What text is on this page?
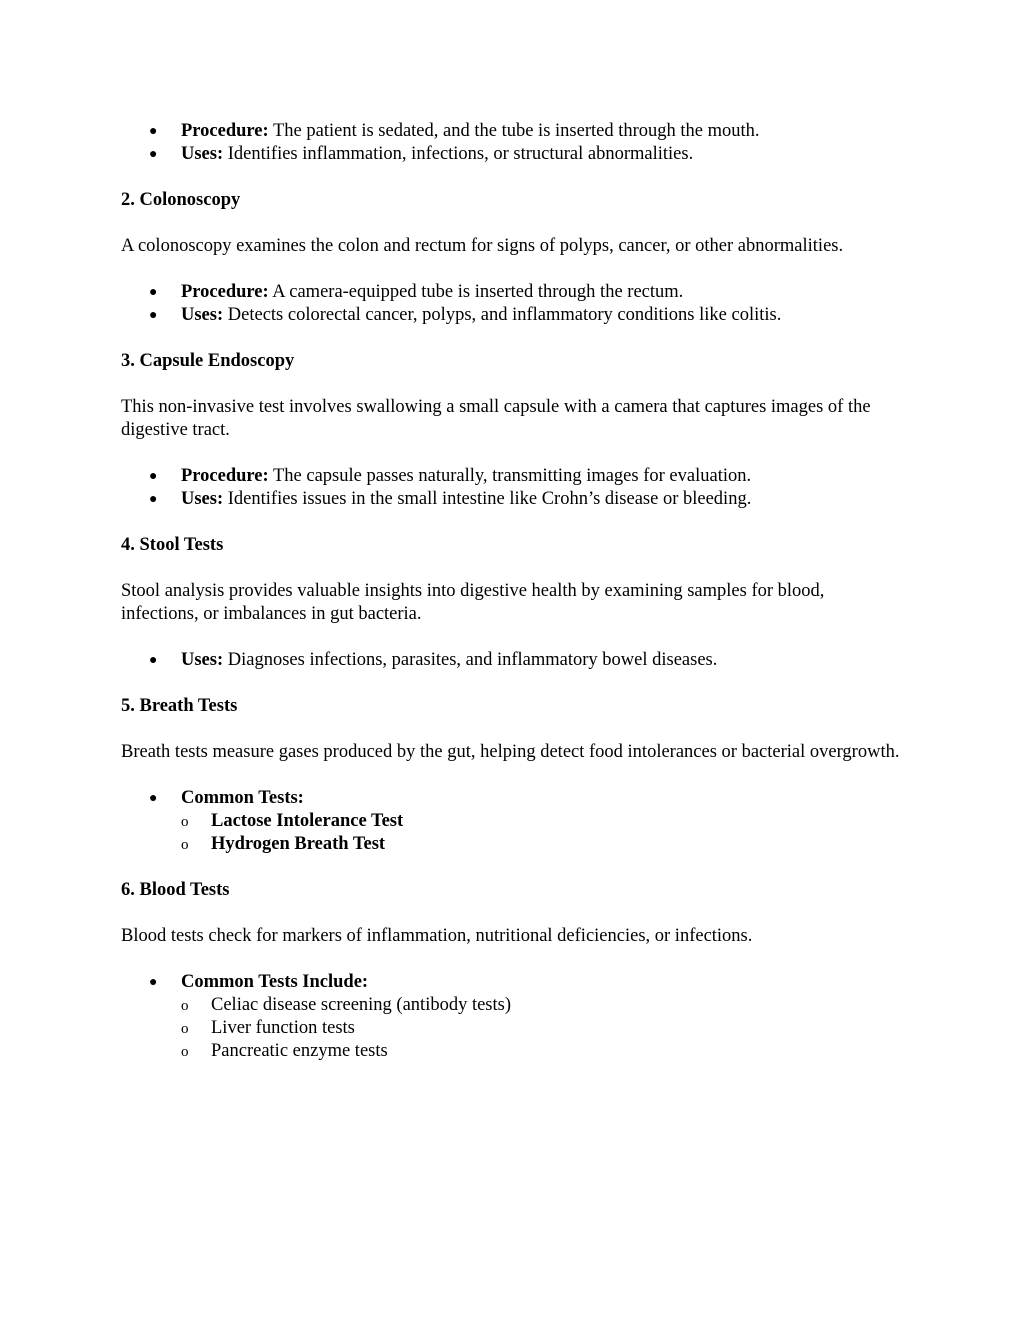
● Procedure: The patient is sedated, and the tube is inserted through the mouth.
● Uses: Identifies inflammation, infections, or structural abnormalities.
2. Colonoscopy

A colonoscopy examines the colon and rectum for signs of polyps, cancer, or other abnormalities.

● Procedure: A camera-equipped tube is inserted through the rectum.
● Uses: Detects colorectal cancer, polyps, and inflammatory conditions like colitis.
3. Capsule Endoscopy

This non-invasive test involves swallowing a small capsule with a camera that captures images of the digestive tract.

● Procedure: The capsule passes naturally, transmitting images for evaluation.
● Uses: Identifies issues in the small intestine like Crohn’s disease or bleeding.
4. Stool Tests

Stool analysis provides valuable insights into digestive health by examining samples for blood, infections, or imbalances in gut bacteria.

● Uses: Diagnoses infections, parasites, and inflammatory bowel diseases.
5. Breath Tests

Breath tests measure gases produced by the gut, helping detect food intolerances or bacterial overgrowth.

● Common Tests:
o Lactose Intolerance Test
o Hydrogen Breath Test
6. Blood Tests

Blood tests check for markers of inflammation, nutritional deficiencies, or infections.

● Common Tests Include:
o Celiac disease screening (antibody tests)
o Liver function tests
o Pancreatic enzyme tests
